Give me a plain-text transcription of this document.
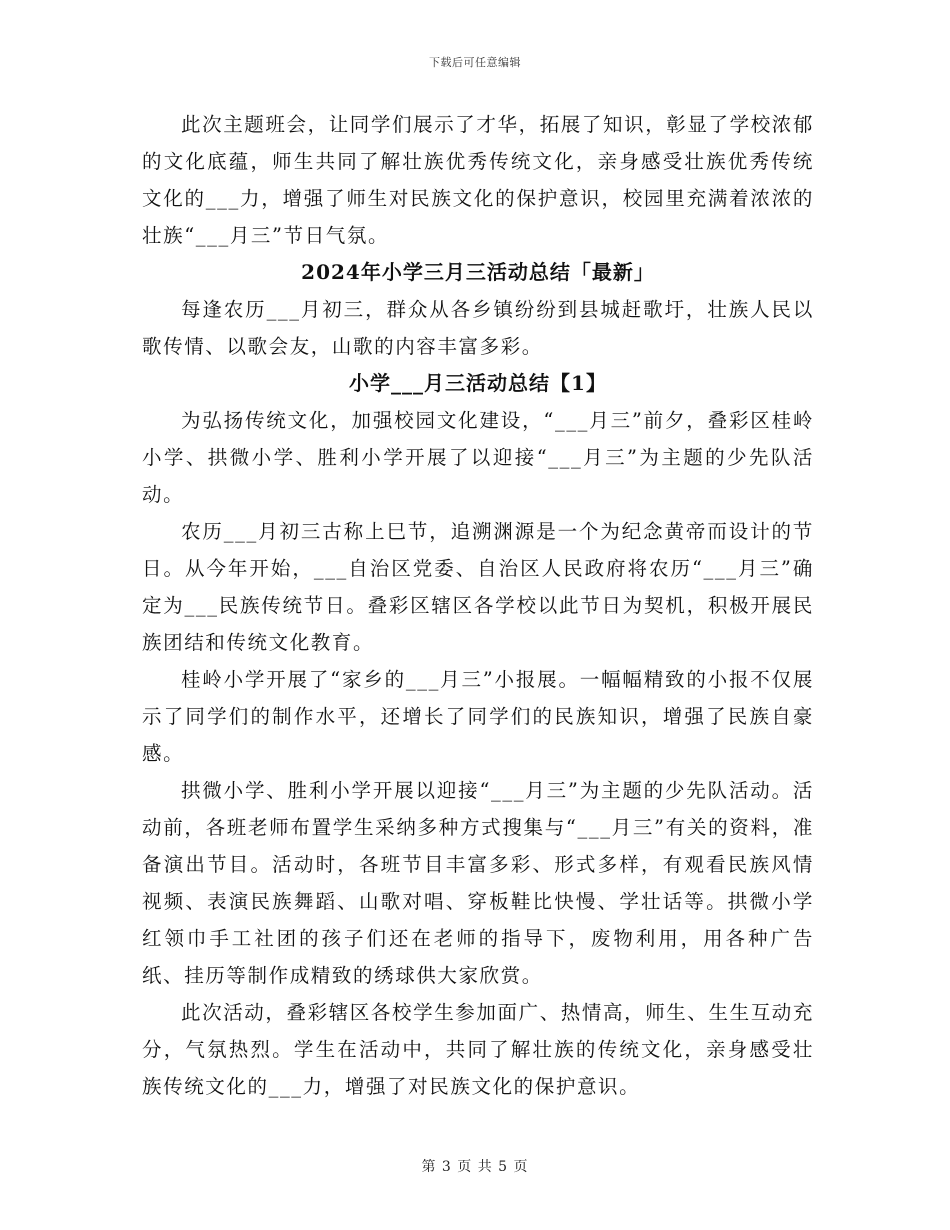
下载后可任意编辑

此次主题班会，让同学们展示了才华，拓展了知识，彰显了学校浓郁的文化底蕴，师生共同了解壮族优秀传统文化，亲身感受壮族优秀传统文化的___力，增强了师生对民族文化的保护意识，校园里充满着浓浓的壮族“___月三”节日气氛。

2024年小学三月三活动总结「最新」

每逢农历___月初三，群众从各乡镇纷纷到县城赶歌圩，壮族人民以歌传情、以歌会友，山歌的内容丰富多彩。

小学___月三活动总结【1】

为弘扬传统文化，加强校园文化建设，“___月三”前夕，叠彩区桂岭小学、拱微小学、胜利小学开展了以迎接“___月三”为主题的少先队活动。

农历___月初三古称上巳节，追溯渊源是一个为纪念黄帝而设计的节日。从今年开始，___自治区党委、自治区人民政府将农历“___月三”确定为___民族传统节日。叠彩区辖区各学校以此节日为契机，积极开展民族团结和传统文化教育。

桂岭小学开展了“家乡的___月三”小报展。一幅幅精致的小报不仅展示了同学们的制作水平，还增长了同学们的民族知识，增强了民族自豪感。

拱微小学、胜利小学开展以迎接“___月三”为主题的少先队活动。活动前，各班老师布置学生采纳多种方式搜集与“___月三”有关的资料，准备演出节目。活动时，各班节目丰富多彩、形式多样，有观看民族风情视频、表演民族舞蹈、山歌对唱、穿板鞋比快慢、学壮话等。拱微小学红领巾手工社团的孩子们还在老师的指导下，废物利用，用各种广告纸、挂历等制作成精致的绣球供大家欣赏。

此次活动，叠彩辖区各校学生参加面广、热情高，师生、生生互动充分，气氛热烈。学生在活动中，共同了解壮族的传统文化，亲身感受壮族传统文化的___力，增强了对民族文化的保护意识。

第 3 页 共 5 页
